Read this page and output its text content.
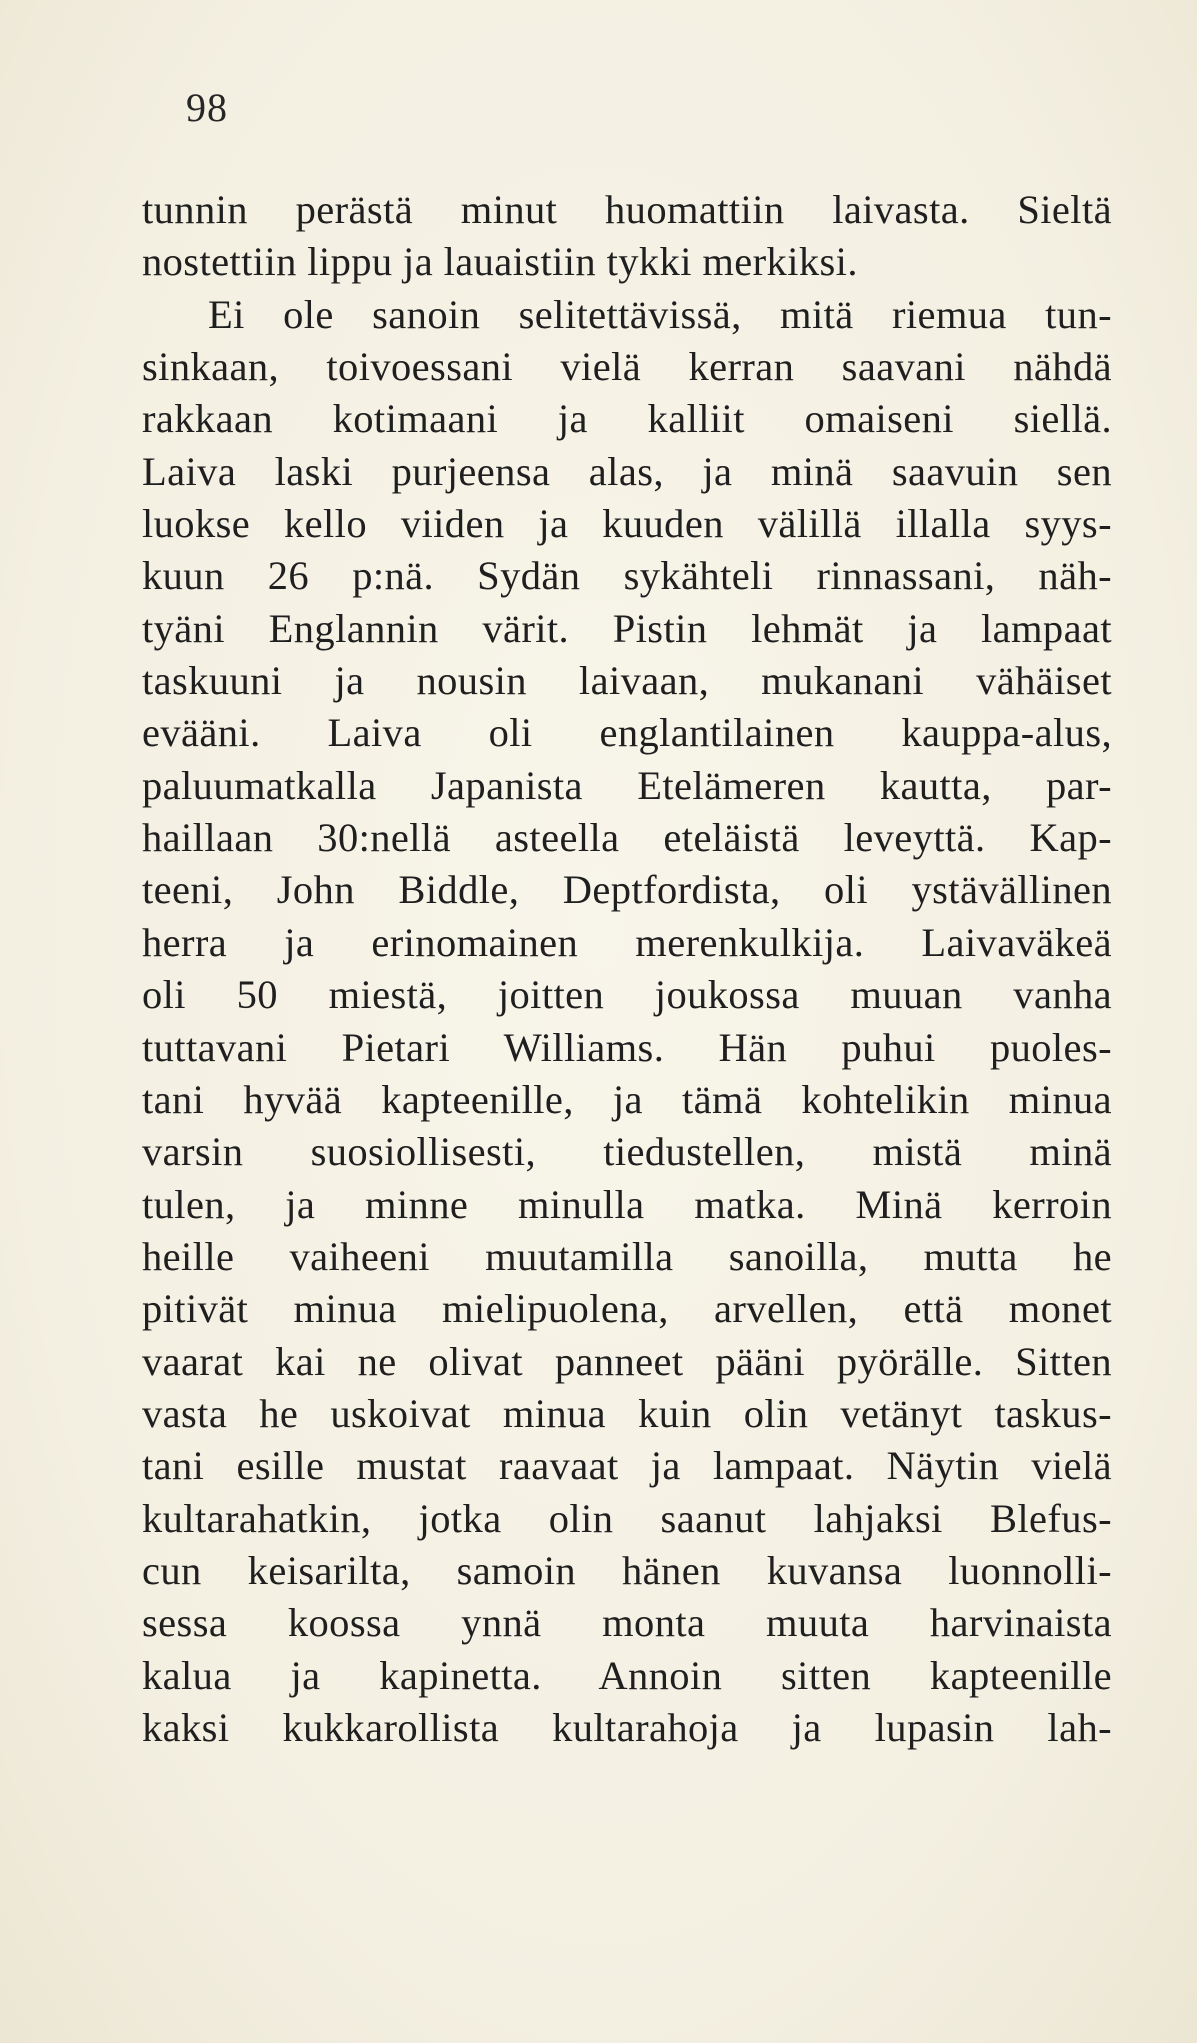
98
tunnin perästä minut huomattiin laivasta. Sieltä
nostettiin lippu ja lauaistiin tykki merkiksi.
Ei ole sanoin selitettävissä, mitä riemua tun-
sinkaan, toivoessani vielä kerran saavani nähdä
rakkaan kotimaani ja kalliit omaiseni siellä.
Laiva laski purjeensa alas, ja minä saavuin sen
luokse kello viiden ja kuuden välillä illalla syys-
kuun 26 p:nä. Sydän sykähteli rinnassani, näh-
tyäni Englannin värit. Pistin lehmät ja lampaat
taskuuni ja nousin laivaan, mukanani vähäiset
evääni. Laiva oli englantilainen kauppa-alus,
paluumatkalla Japanista Etelämeren kautta, par-
haillaan 30:nellä asteella eteläistä leveyttä. Kap-
teeni, John Biddle, Deptfordista, oli ystävällinen
herra ja erinomainen merenkulkija. Laivaväkeä
oli 50 miestä, joitten joukossa muuan vanha
tuttavani Pietari Williams. Hän puhui puoles-
tani hyvää kapteenille, ja tämä kohtelikin minua
varsin suosiollisesti, tiedustellen, mistä minä
tulen, ja minne minulla matka. Minä kerroin
heille vaiheeni muutamilla sanoilla, mutta he
pitivät minua mielipuolena, arvellen, että monet
vaarat kai ne olivat panneet pääni pyörälle. Sitten
vasta he uskoivat minua kuin olin vetänyt taskus-
tani esille mustat raavaat ja lampaat. Näytin vielä
kultarahatkin, jotka olin saanut lahjaksi Blefus-
cun keisarilta, samoin hänen kuvansa luonnolli-
sessa koossa ynnä monta muuta harvinaista
kalua ja kapinetta. Annoin sitten kapteenille
kaksi kukkarollista kultarahoja ja lupasin lah-
